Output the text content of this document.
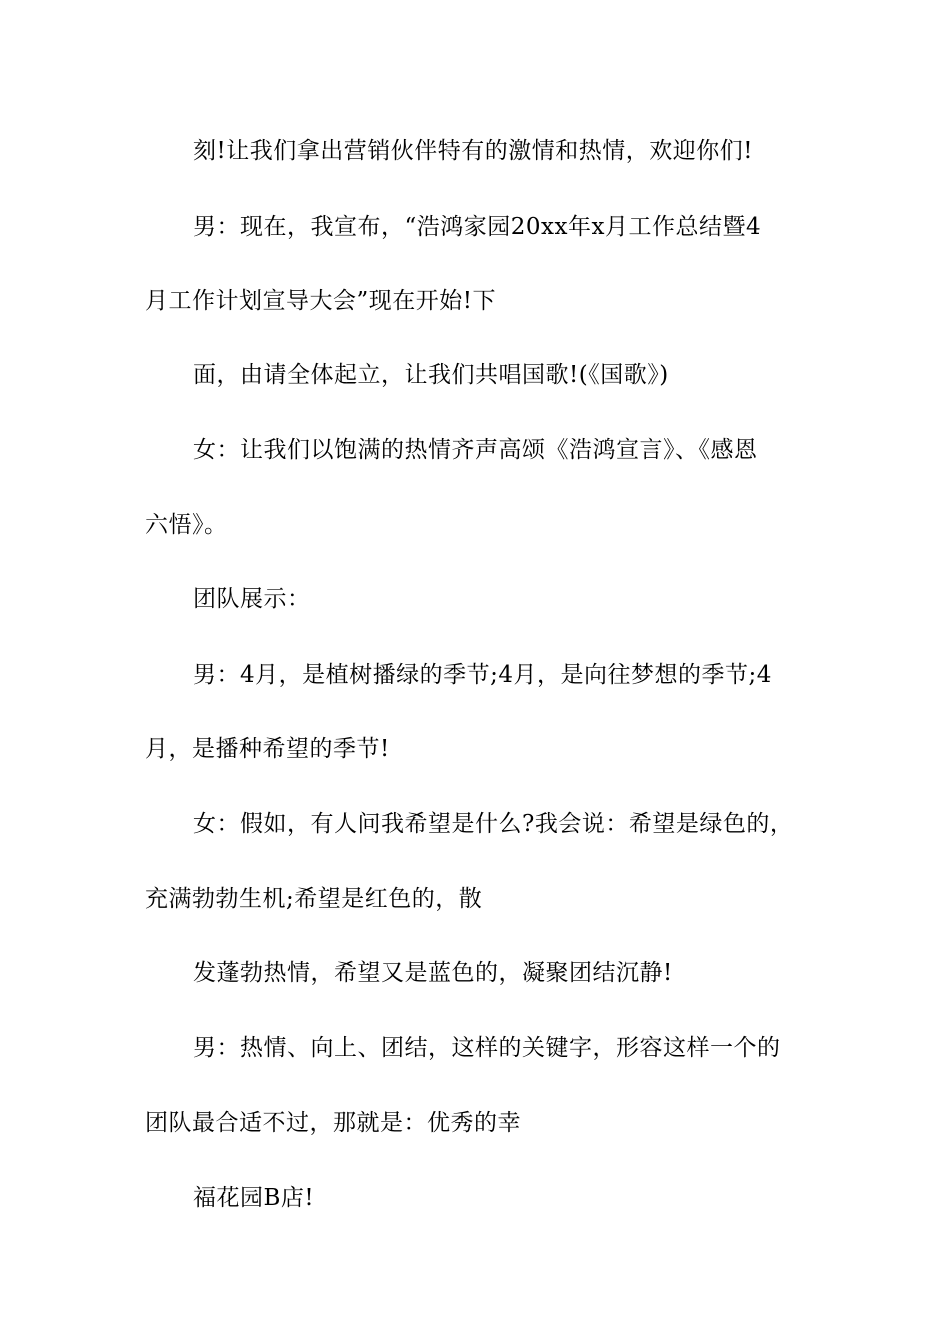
刻!让我们拿出营销伙伴特有的激情和热情，欢迎你们!
男：现在，我宣布，“浩鸿家园20xx年x月工作总结暨4
月工作计划宣导大会”现在开始!下
面，由请全体起立，让我们共唱国歌!(《国歌》)
女：让我们以饱满的热情齐声高颂《浩鸿宣言》、《感恩
六悟》。
团队展示：
男：4月，是植树播绿的季节;4月，是向往梦想的季节;4
月，是播种希望的季节!
女：假如，有人问我希望是什么?我会说：希望是绿色的，
充满勃勃生机;希望是红色的，散
发蓬勃热情，希望又是蓝色的，凝聚团结沉静!
男：热情、向上、团结，这样的关键字，形容这样一个的
团队最合适不过，那就是：优秀的幸
福花园B店!
